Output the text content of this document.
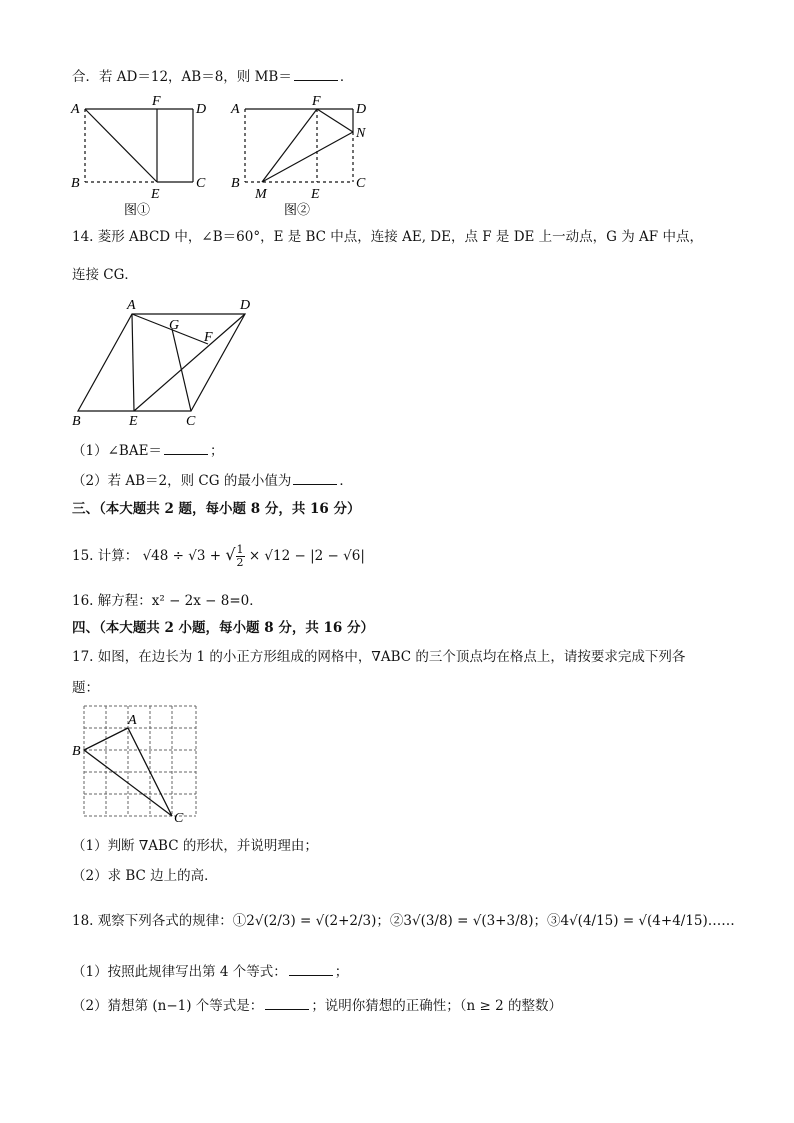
合．若 AD＝12，AB＝8，则 MB＝	．
A
F
D
B
E
C
图①
A
F
D
N
B
M	E
C
图②
14. 菱形 ABCD 中，∠B＝60°，E 是 BC 中点，连接 AE, DE，点 F 是 DE 上一动点，G 为 AF 中点，
连接 CG．
A	D
G
F
B	E	C
（1）∠BAE＝	；
（2）若 AB＝2，则 CG 的最小值为	．
三、（本大题共 2 题，每小题 8 分，共 16 分）
15. 计算： √48 ÷ √3 + √ $\frac{1}{2} \times √12 - |2 - √6|$
16. 解方程：x² − 2x − 8=0．
四、（本大题共 2 小题，每小题 8 分，共 16 分）
17. 如图，在边长为 1 的小正方形组成的网格中，∇ABC 的三个顶点均在格点上，请按要求完成下列各
题：
A
B
C
（1）判断 ∇ABC 的形状，并说明理由；
（2）求 BC 边上的高．
18. 观察下列各式的规律：①2√(2/3) = √(2+2/3)；②3√(3/8) = √(3+3/8)；③4√(4/15) = √(4+4/15)……
（1）按照此规律写出第 4 个等式：	；
（2）猜想第 (n−1) 个等式是：	；说明你猜想的正确性；（n ≥ 2 的整数）
